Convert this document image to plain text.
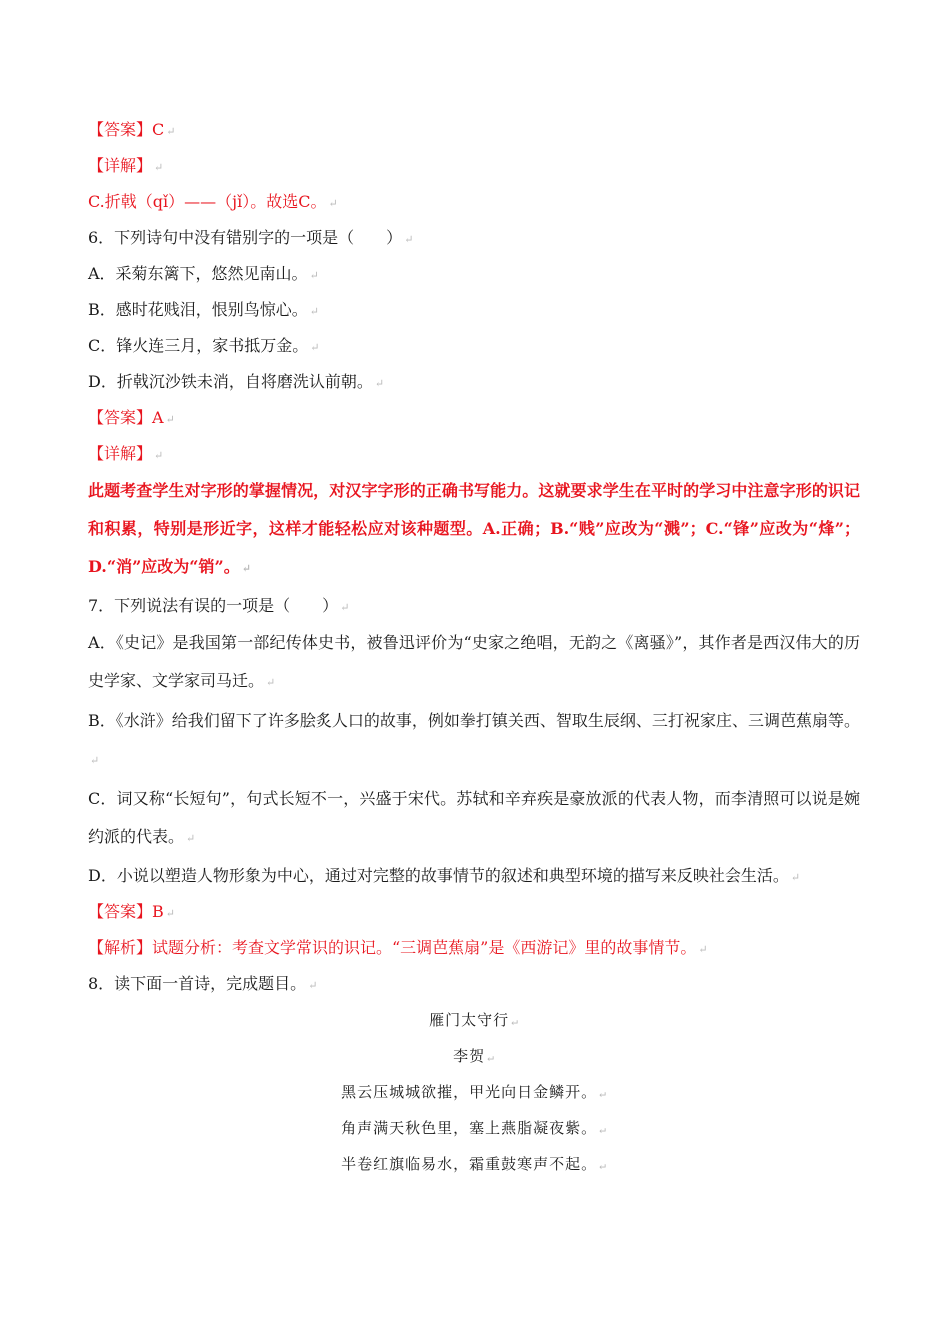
【答案】C ↵
【详解】 ↵
C.折戟（qǐ）——（jǐ）。故选C。 ↵
6．下列诗句中没有错别字的一项是（　　） ↵
A．采菊东篱下，悠然见南山。 ↵
B．感时花贱泪，恨别鸟惊心。 ↵
C．锋火连三月，家书抵万金。 ↵
D．折戟沉沙铁未消，自将磨洗认前朝。 ↵
【答案】A ↵
【详解】 ↵
此题考查学生对字形的掌握情况，对汉字字形的正确书写能力。这就要求学生在平时的学习中注意字形的识记和积累，特别是形近字，这样才能轻松应对该种题型。A.正确；B.“贱”应改为“溅”；C.“锋”应改为“烽”；D.“消”应改为“销”。 ↵
7．下列说法有误的一项是（　　） ↵
A．《史记》是我国第一部纪传体史书，被鲁迅评价为“史家之绝唱，无韵之《离骚》”，其作者是西汉伟大的历史学家、文学家司马迁。 ↵
B．《水浒》给我们留下了许多脍炙人口的故事，例如拳打镇关西、智取生辰纲、三打祝家庄、三调芭蕉扇等。↵
C．词又称“长短句”，句式长短不一，兴盛于宋代。苏轼和辛弃疾是豪放派的代表人物，而李清照可以说是婉约派的代表。 ↵
D．小说以塑造人物形象为中心，通过对完整的故事情节的叙述和典型环境的描写来反映社会生活。 ↵
【答案】B ↵
【解析】试题分析：考查文学常识的识记。“三调芭蕉扇”是《西游记》里的故事情节。 ↵
8．读下面一首诗，完成题目。 ↵
雁门太守行 ↵
李贺 ↵
黑云压城城欲摧，甲光向日金鳞开。 ↵
角声满天秋色里，塞上燕脂凝夜紫。 ↵
半卷红旗临易水，霜重鼓寒声不起。 ↵
